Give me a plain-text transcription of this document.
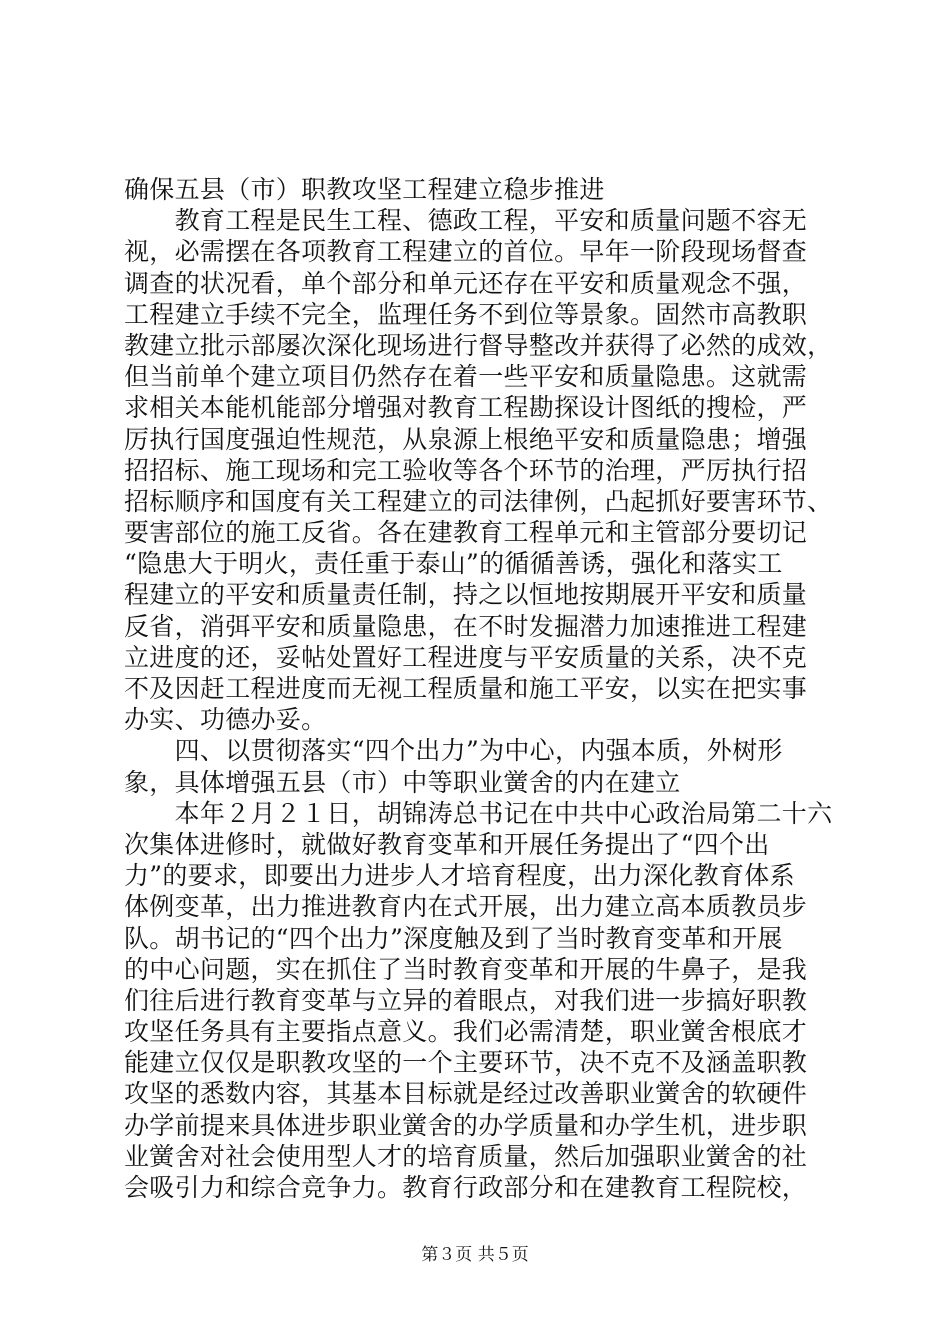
确保五县（市）职教攻坚工程建立稳步推进
　　教育工程是民生工程、德政工程，平安和质量问题不容无
视，必需摆在各项教育工程建立的首位。早年一阶段现场督查
调查的状况看，单个部分和单元还存在平安和质量观念不强，
工程建立手续不完全，监理任务不到位等景象。固然市高教职
教建立批示部屡次深化现场进行督导整改并获得了必然的成效，
但当前单个建立项目仍然存在着一些平安和质量隐患。这就需
求相关本能机能部分增强对教育工程勘探设计图纸的搜检，严
厉执行国度强迫性规范，从泉源上根绝平安和质量隐患；增强
招招标、施工现场和完工验收等各个环节的治理，严厉执行招
招标顺序和国度有关工程建立的司法律例，凸起抓好要害环节、
要害部位的施工反省。各在建教育工程单元和主管部分要切记
“隐患大于明火，责任重于泰山”的循循善诱，强化和落实工
程建立的平安和质量责任制，持之以恒地按期展开平安和质量
反省，消弭平安和质量隐患，在不时发掘潜力加速推进工程建
立进度的还，妥帖处置好工程进度与平安质量的关系，决不克
不及因赶工程进度而无视工程质量和施工平安，以实在把实事
办实、功德办妥。
　　四、以贯彻落实“四个出力”为中心，内强本质，外树形
象，具体增强五县（市）中等职业黉舍的内在建立
　　本年２月２１日，胡锦涛总书记在中共中心政治局第二十六
次集体进修时，就做好教育变革和开展任务提出了“四个出
力”的要求，即要出力进步人才培育程度，出力深化教育体系
体例变革，出力推进教育内在式开展，出力建立高本质教员步
队。胡书记的“四个出力”深度触及到了当时教育变革和开展
的中心问题，实在抓住了当时教育变革和开展的牛鼻子，是我
们往后进行教育变革与立异的着眼点，对我们进一步搞好职教
攻坚任务具有主要指点意义。我们必需清楚，职业黉舍根底才
能建立仅仅是职教攻坚的一个主要环节，决不克不及涵盖职教
攻坚的悉数内容，其基本目标就是经过改善职业黉舍的软硬件
办学前提来具体进步职业黉舍的办学质量和办学生机，进步职
业黉舍对社会使用型人才的培育质量，然后加强职业黉舍的社
会吸引力和综合竞争力。教育行政部分和在建教育工程院校，
第３页 共５页
